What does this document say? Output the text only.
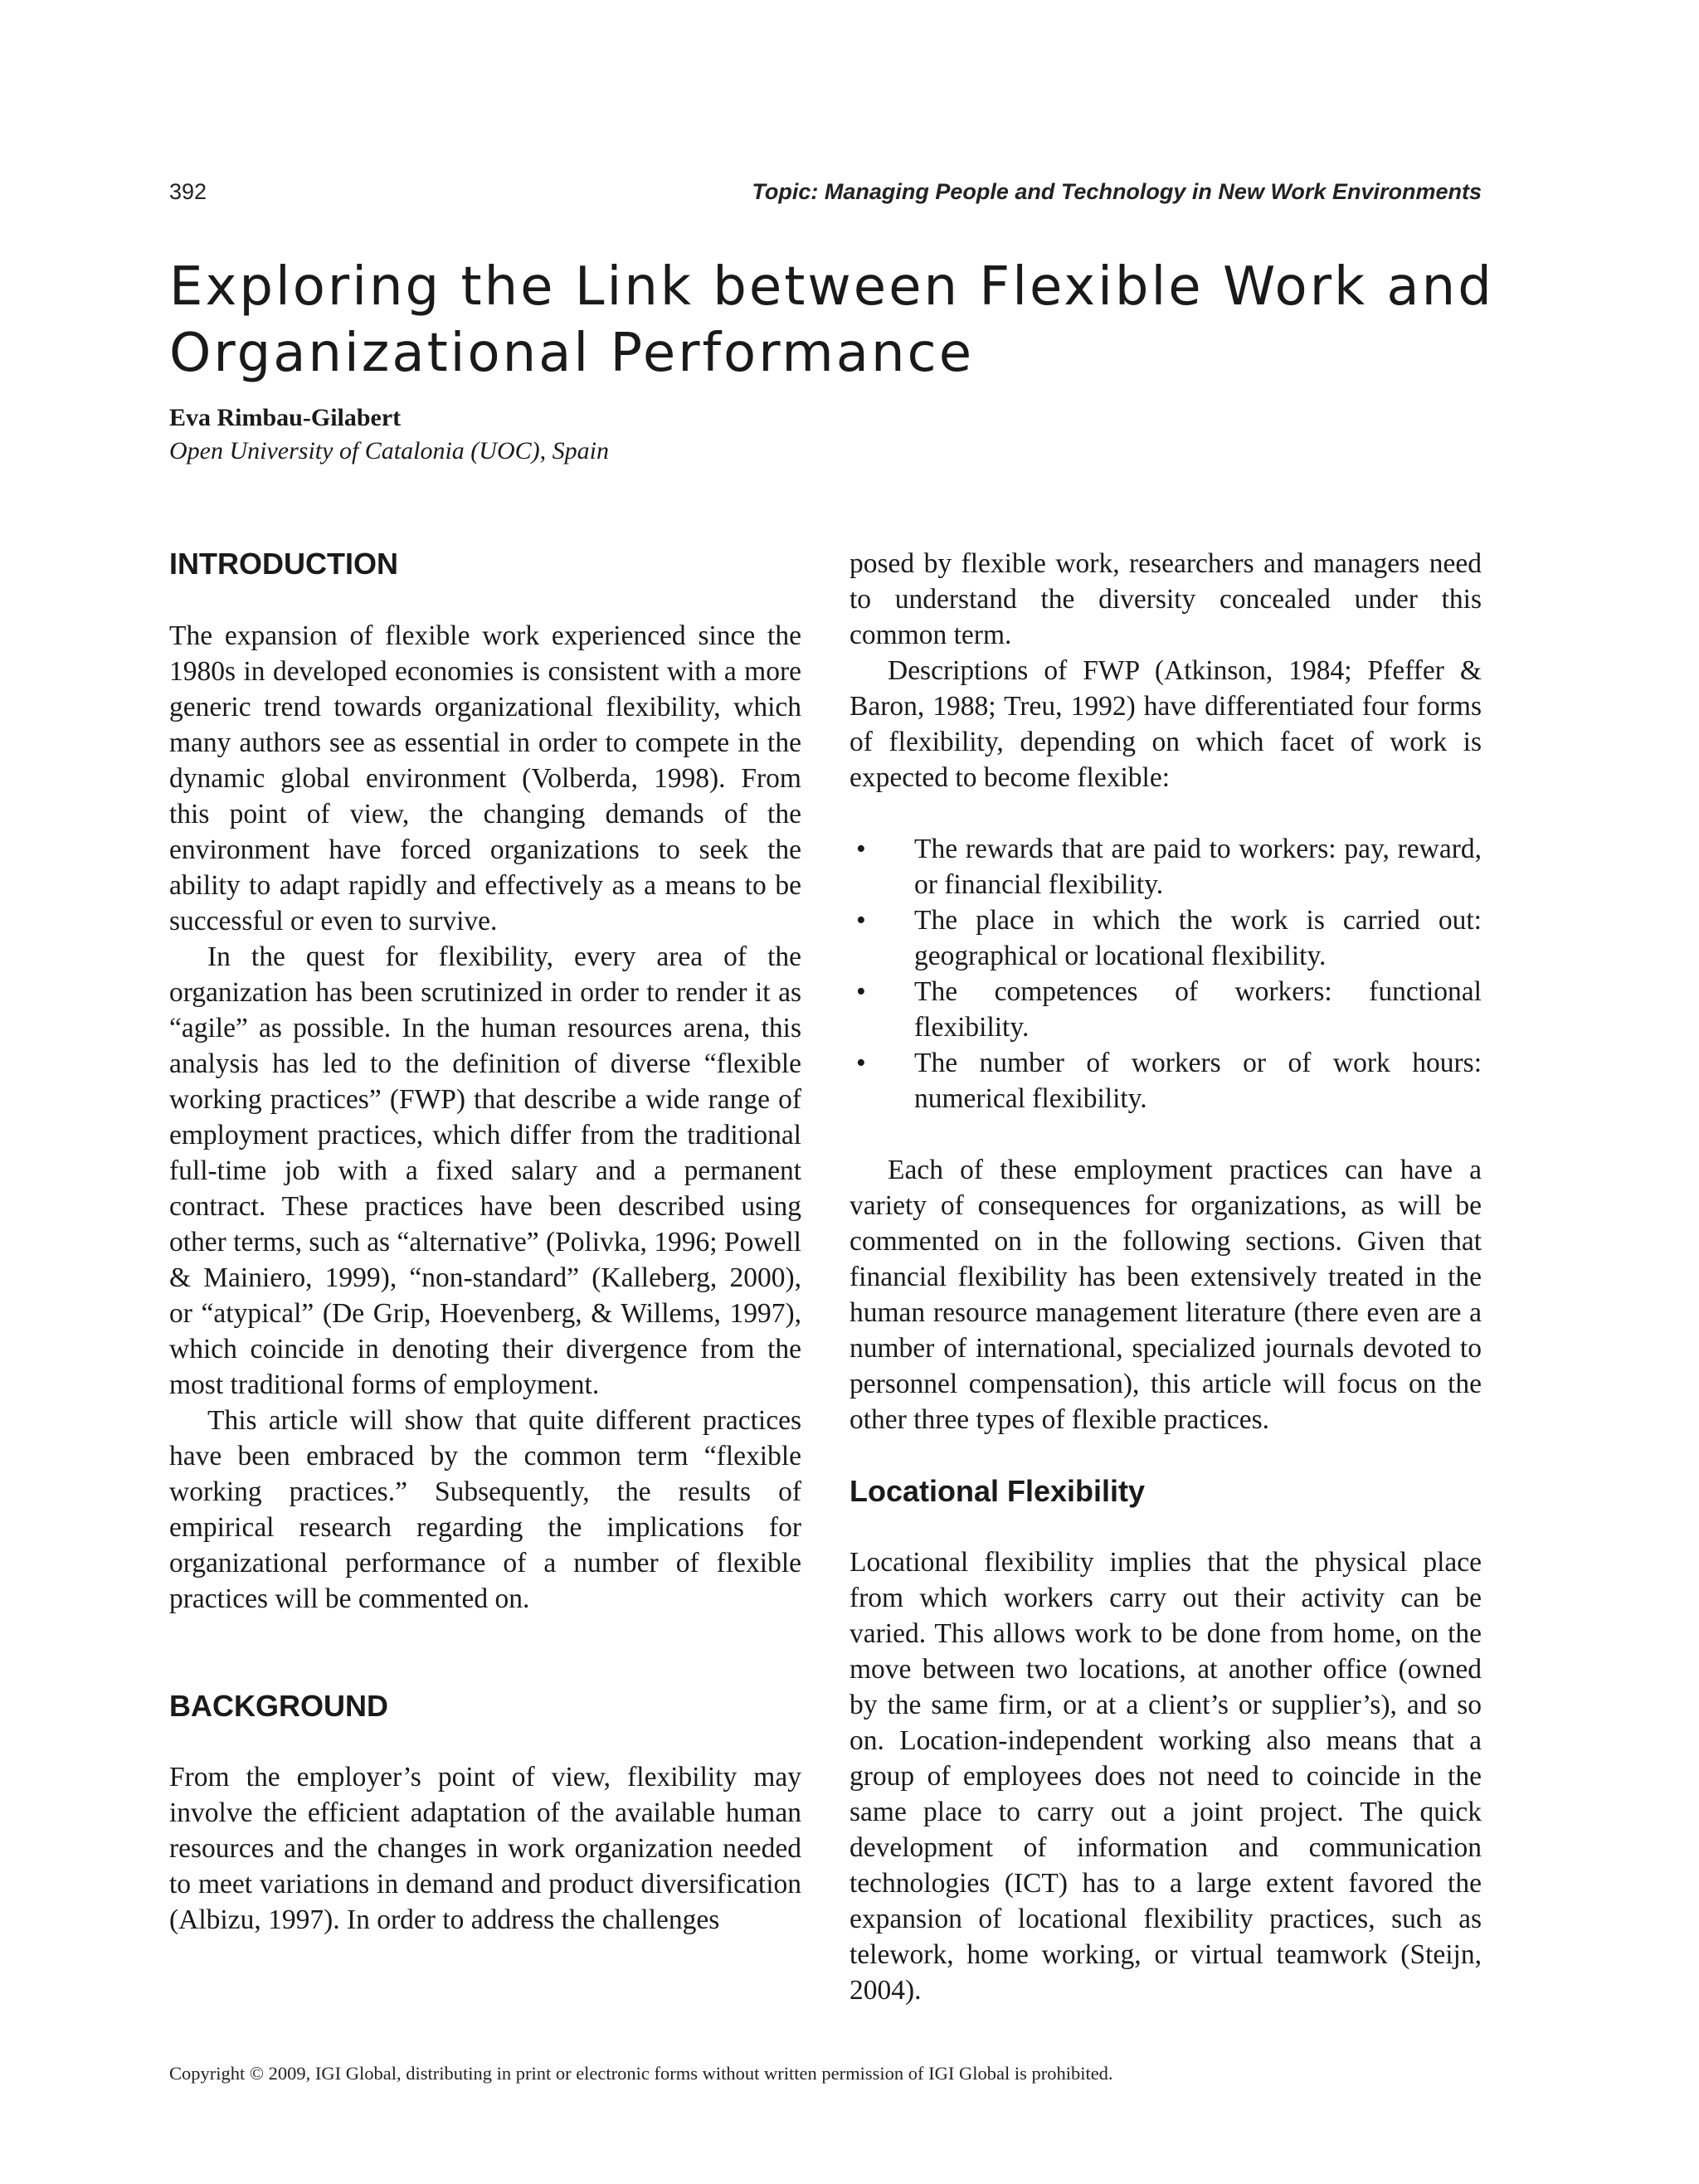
392	Topic: Managing People and Technology in New Work Environments
Exploring the Link between Flexible Work and Organizational Performance
Eva Rimbau-Gilabert
Open University of Catalonia (UOC), Spain
INTRODUCTION

The expansion of flexible work experienced since the 1980s in developed economies is consistent with a more generic trend towards organizational flexibility, which many authors see as essential in order to compete in the dynamic global environment (Volberda, 1998). From this point of view, the changing demands of the environment have forced organizations to seek the ability to adapt rapidly and effectively as a means to be successful or even to survive.

In the quest for flexibility, every area of the organization has been scrutinized in order to render it as “agile” as possible. In the human resources arena, this analysis has led to the definition of diverse “flexible working practices” (FWP) that describe a wide range of employment practices, which differ from the traditional full-time job with a fixed salary and a permanent contract. These practices have been described using other terms, such as “alternative” (Polivka, 1996; Powell & Mainiero, 1999), “non-standard” (Kalleberg, 2000), or “atypical” (De Grip, Hoevenberg, & Willems, 1997), which coincide in denoting their divergence from the most traditional forms of employment.

This article will show that quite different practices have been embraced by the common term “flexible working practices.” Subsequently, the results of empirical research regarding the implications for organizational performance of a number of flexible practices will be commented on.

BACKGROUND

From the employer’s point of view, flexibility may involve the efficient adaptation of the available human resources and the changes in work organization needed to meet variations in demand and product diversification (Albizu, 1997). In order to address the challenges

posed by flexible work, researchers and managers need to understand the diversity concealed under this common term.

Descriptions of FWP (Atkinson, 1984; Pfeffer & Baron, 1988; Treu, 1992) have differentiated four forms of flexibility, depending on which facet of work is expected to become flexible:

• The rewards that are paid to workers: pay, reward, or financial flexibility.
• The place in which the work is carried out: geographical or locational flexibility.
• The competences of workers: functional flexibility.
• The number of workers or of work hours: numerical flexibility.

Each of these employment practices can have a variety of consequences for organizations, as will be commented on in the following sections. Given that financial flexibility has been extensively treated in the human resource management literature (there even are a number of international, specialized journals devoted to personnel compensation), this article will focus on the other three types of flexible practices.

Locational Flexibility

Locational flexibility implies that the physical place from which workers carry out their activity can be varied. This allows work to be done from home, on the move between two locations, at another office (owned by the same firm, or at a client’s or supplier’s), and so on. Location-independent working also means that a group of employees does not need to coincide in the same place to carry out a joint project. The quick development of information and communication technologies (ICT) has to a large extent favored the expansion of locational flexibility practices, such as telework, home working, or virtual teamwork (Steijn, 2004).

Copyright © 2009, IGI Global, distributing in print or electronic forms without written permission of IGI Global is prohibited.
